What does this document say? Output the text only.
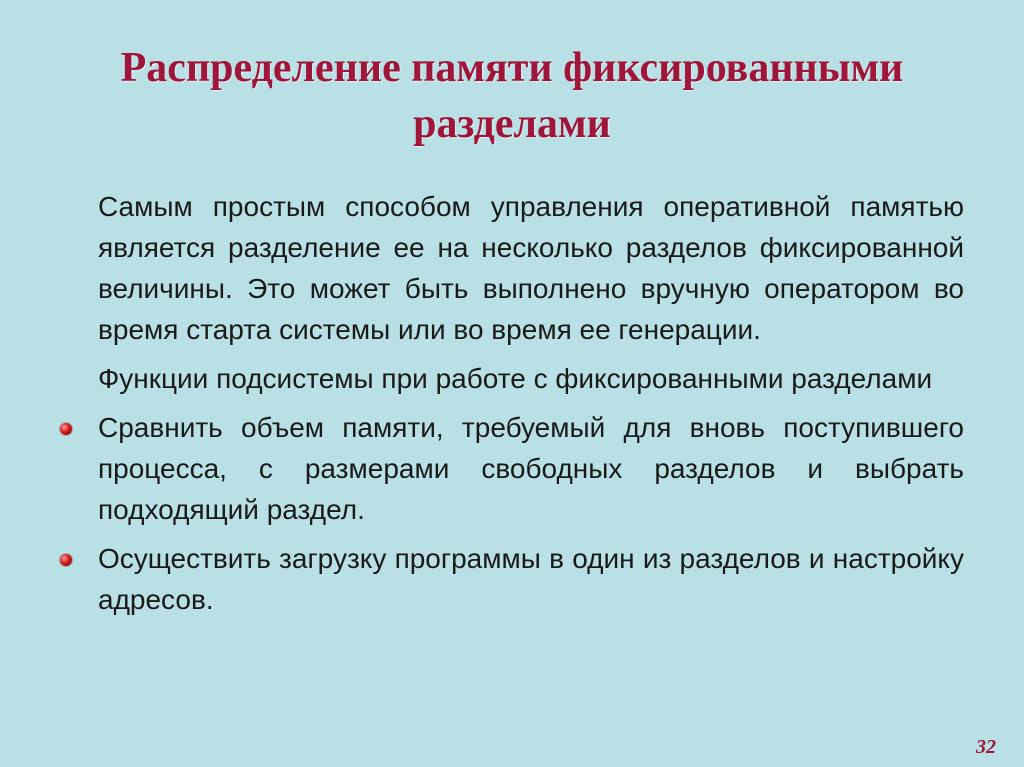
Распределение памяти фиксированными разделами

Самым простым способом управления оперативной памятью является разделение ее на несколько разделов фиксированной величины. Это может быть выполнено вручную оператором во время старта системы или во время ее генерации.

Функции подсистемы при работе с фиксированными разделами

Сравнить объем памяти, требуемый для вновь поступившего процесса, с размерами свободных разделов и выбрать подходящий раздел.

Осуществить загрузку программы в один из разделов и настройку адресов.

32
